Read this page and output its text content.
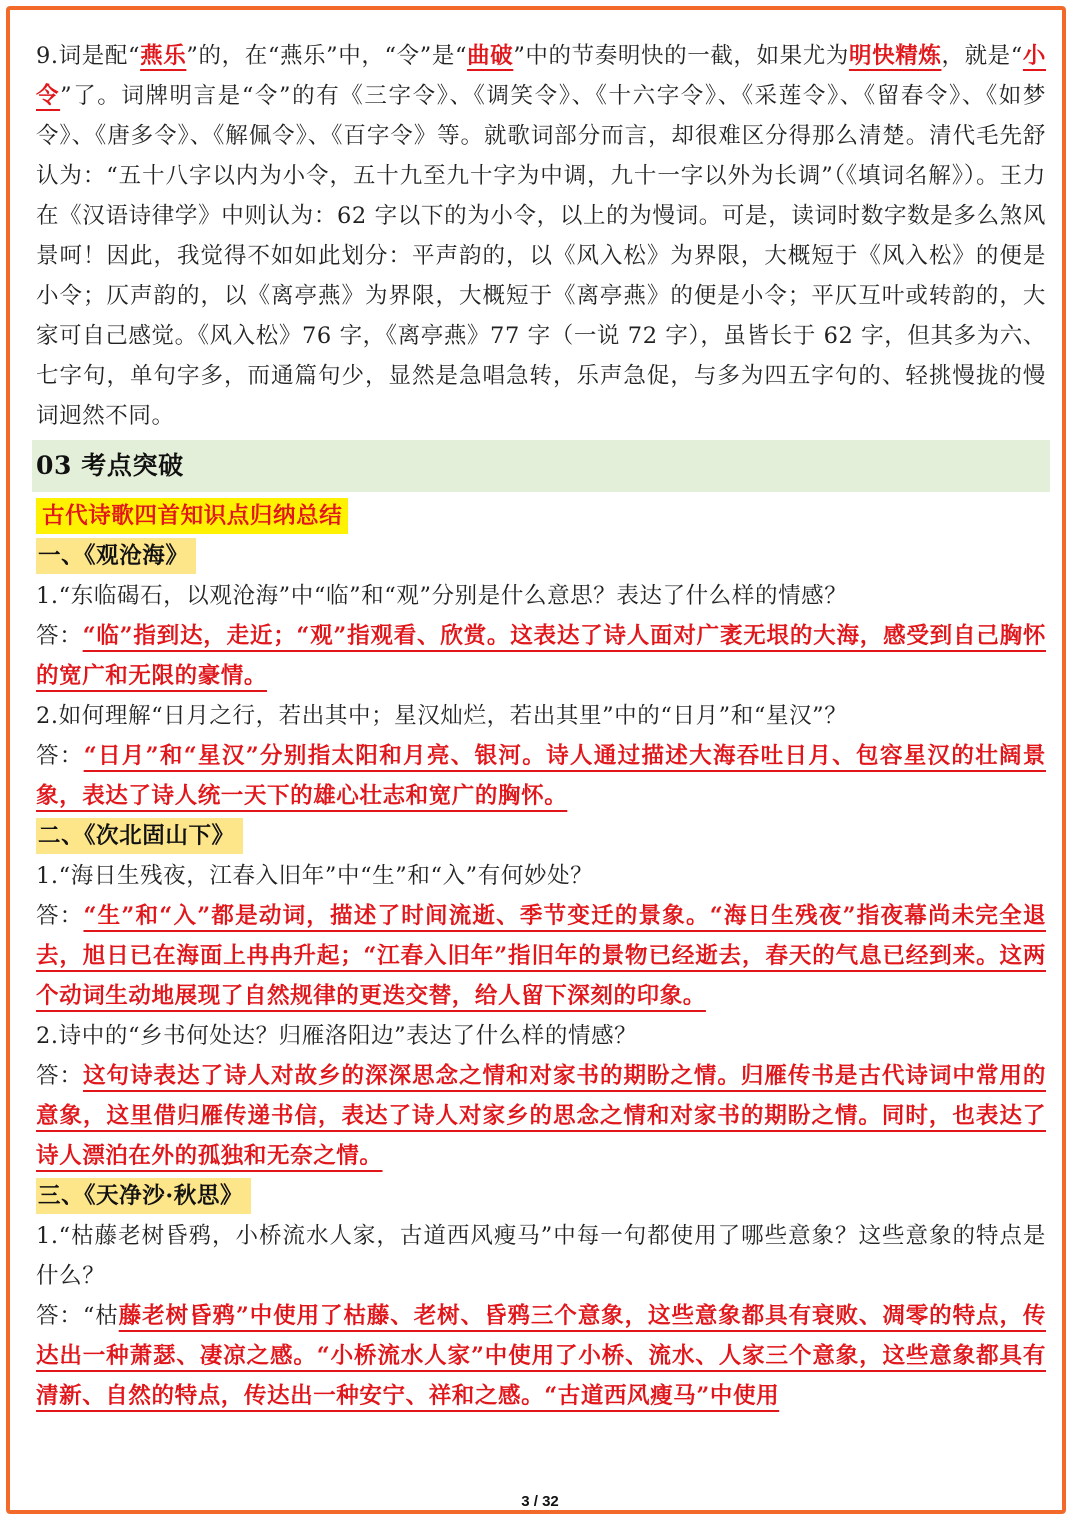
9.词是配“燕乐”的，在“燕乐”中，“令”是“曲破”中的节奏明快的一截，如果尤为明快精炼，就是“小令”了。词牌明言是“令”的有《三字令》、《调笑令》、《十六字令》、《采莲令》、《留春令》、《如梦令》、《唐多令》、《解佩令》、《百字令》等。就歌词部分而言，却很难区分得那么清楚。清代毛先舒认为：“五十八字以内为小令，五十九至九十字为中调，九十一字以外为长调”（《填词名解》）。王力在《汉语诗律学》中则认为：62 字以下的为小令，以上的为慢词。可是，读词时数字数是多么煞风景呵！因此，我觉得不如如此划分：平声韵的，以《风入松》为界限，大概短于《风入松》的便是小令；仄声韵的，以《离亭燕》为界限，大概短于《离亭燕》的便是小令；平仄互叶或转韵的，大家可自己感觉。《风入松》76 字，《离亭燕》77 字（一说 72 字），虽皆长于 62 字，但其多为六、七字句，单句字多，而通篇句少，显然是急唱急转，乐声急促，与多为四五字句的、轻挑慢拢的慢词迥然不同。

03 考点突破
古代诗歌四首知识点归纳总结
一、《观沧海》

1.“东临碣石，以观沧海”中“临”和“观”分别是什么意思？表达了什么样的情感？

答：“临”指到达，走近；“观”指观看、欣赏。这表达了诗人面对广袤无垠的大海，感受到自己胸怀的宽广和无限的豪情。

2.如何理解“日月之行，若出其中；星汉灿烂，若出其里”中的“日月”和“星汉”？

答：“日月”和“星汉”分别指太阳和月亮、银河。诗人通过描述大海吞吐日月、包容星汉的壮阔景象，表达了诗人统一天下的雄心壮志和宽广的胸怀。

二、《次北固山下》

1.“海日生残夜，江春入旧年”中“生”和“入”有何妙处？

答：“生”和“入”都是动词，描述了时间流逝、季节变迁的景象。“海日生残夜”指夜幕尚未完全退去，旭日已在海面上冉冉升起；“江春入旧年”指旧年的景物已经逝去，春天的气息已经到来。这两个动词生动地展现了自然规律的更迭交替，给人留下深刻的印象。

2.诗中的“乡书何处达？归雁洛阳边”表达了什么样的情感？

答：这句诗表达了诗人对故乡的深深思念之情和对家书的期盼之情。归雁传书是古代诗词中常用的意象，这里借归雁传递书信，表达了诗人对家乡的思念之情和对家书的期盼之情。同时，也表达了诗人漂泊在外的孤独和无奈之情。

三、《天净沙·秋思》

1.“枯藤老树昏鸦，小桥流水人家，古道西风瘦马”中每一句都使用了哪些意象？这些意象的特点是什么？

答：“枯藤老树昏鸦”中使用了枯藤、老树、昏鸦三个意象，这些意象都具有衰败、凋零的特点，传达出一种萧瑟、凄凉之感。“小桥流水人家”中使用了小桥、流水、人家三个意象，这些意象都具有清新、自然的特点，传达出一种安宁、祥和之感。“古道西风瘦马”中使用

3 / 32
